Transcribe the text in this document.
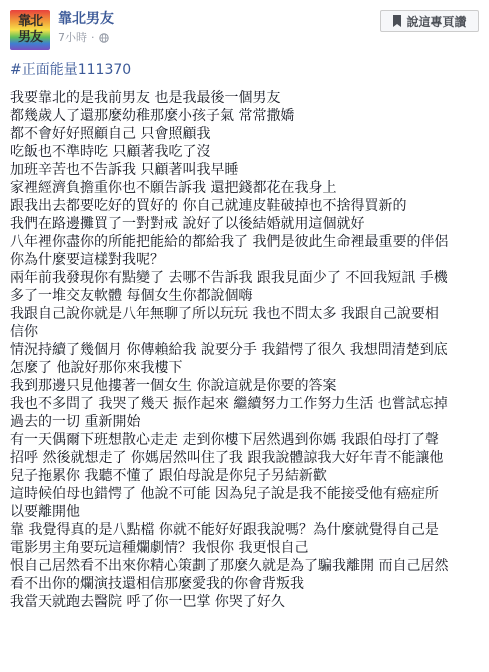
靠北
男友
靠北男友
7小時 ·
說這專頁讚
#正面能量111370
我要靠北的是我前男友 也是我最後一個男友
都幾歲人了還那麼幼稚那麼小孩子氣 常常撒嬌
都不會好好照顧自己 只會照顧我
吃飯也不準時吃 只顧著我吃了沒
加班辛苦也不告訴我 只顧著叫我早睡
家裡經濟負擔重你也不願告訴我 還把錢都花在我身上
跟我出去都要吃好的買好的 你自己就連皮鞋破掉也不捨得買新的
我們在路邊攤買了一對對戒 說好了以後結婚就用這個就好
八年裡你盡你的所能把能給的都給我了 我們是彼此生命裡最重要的伴侶
你為什麼要這樣對我呢？
兩年前我發現你有點變了 去哪不告訴我 跟我見面少了 不回我短訊 手機
多了一堆交友軟體 每個女生你都說個嗨
我跟自己說你就是八年無聊了所以玩玩 我也不問太多 我跟自己說要相
信你
情況持續了幾個月 你傳賴給我 說要分手 我錯愕了很久 我想問清楚到底
怎麼了 他說好那你來我樓下
我到那邊只見他摟著一個女生 你說這就是你要的答案
我也不多問了 我哭了幾天 振作起來 繼續努力工作努力生活 也嘗試忘掉
過去的一切 重新開始
有一天偶爾下班想散心走走 走到你樓下居然遇到你媽 我跟伯母打了聲
招呼 然後就想走了 你媽居然叫住了我 跟我說體諒我大好年青不能讓他
兒子拖累你 我聽不懂了 跟伯母說是你兒子另結新歡
這時候伯母也錯愕了 他說不可能 因為兒子說是我不能接受他有癌症所
以要離開他
靠 我覺得真的是八點檔 你就不能好好跟我說嗎？為什麼就覺得自己是
電影男主角要玩這種爛劇情？我恨你 我更恨自己
恨自己居然看不出來你精心策劃了那麼久就是為了騙我離開 而自己居然
看不出你的爛演技還相信那麼愛我的你會背叛我
我當天就跑去醫院 呼了你一巴掌 你哭了好久
